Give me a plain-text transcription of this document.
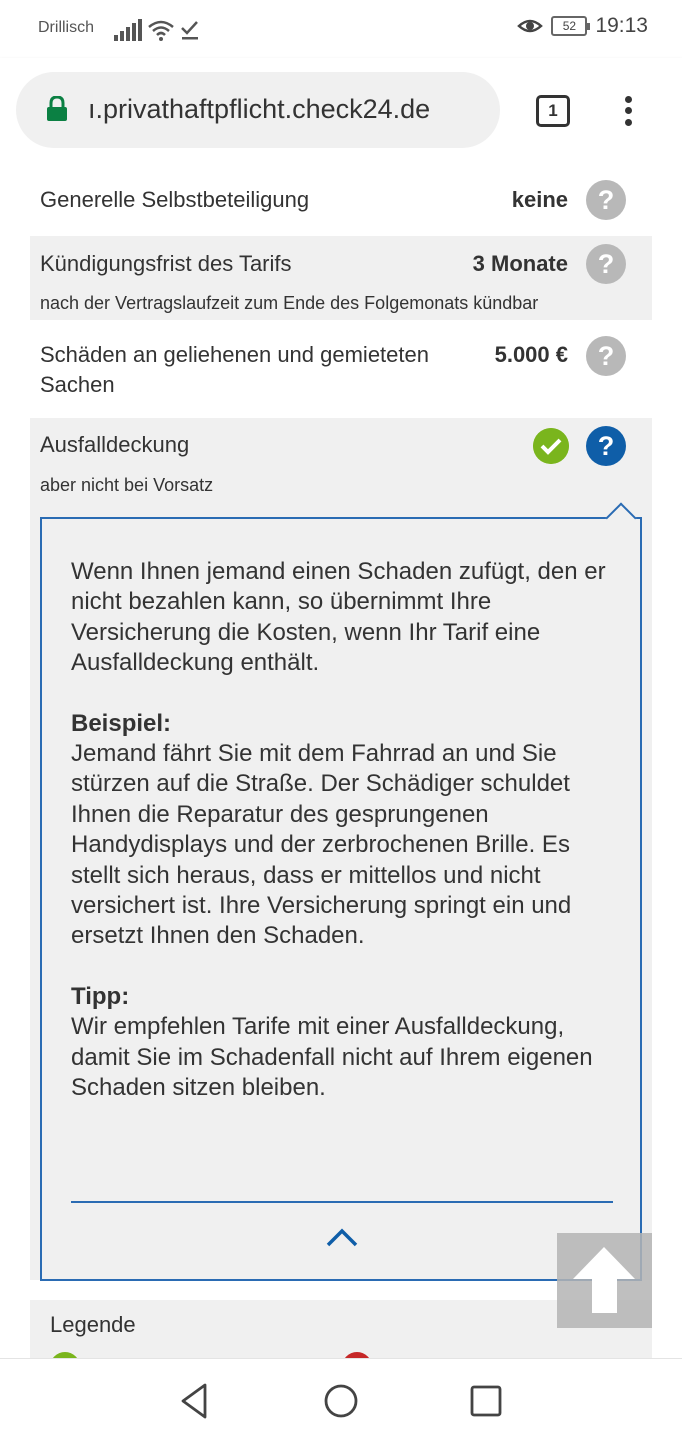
Drillisch	52 19:13
ı.privathaftpflicht.check24.de	1
Generelle Selbstbeteiligung	keine	?
Kündigungsfrist des Tarifs	3 Monate	?
nach der Vertragslaufzeit zum Ende des Folgemonats kündbar
Schäden an geliehenen und gemieteten
Sachen
5.000 €	?
Ausfalldeckung	?
aber nicht bei Vorsatz

Wenn Ihnen jemand einen Schaden zufügt, den er nicht bezahlen kann, so übernimmt Ihre Versicherung die Kosten, wenn Ihr Tarif eine Ausfalldeckung enthält.

Beispiel:
Jemand fährt Sie mit dem Fahrrad an und Sie stürzen auf die Straße. Der Schädiger schuldet Ihnen die Reparatur des gesprungenen Handydisplays und der zerbrochenen Brille. Es stellt sich heraus, dass er mittellos und nicht versichert ist. Ihre Versicherung springt ein und ersetzt Ihnen den Schaden.
Tipp:
Wir empfehlen Tarife mit einer Ausfalldeckung, damit Sie im Schadenfall nicht auf Ihrem eigenen Schaden sitzen bleiben.
Legende
